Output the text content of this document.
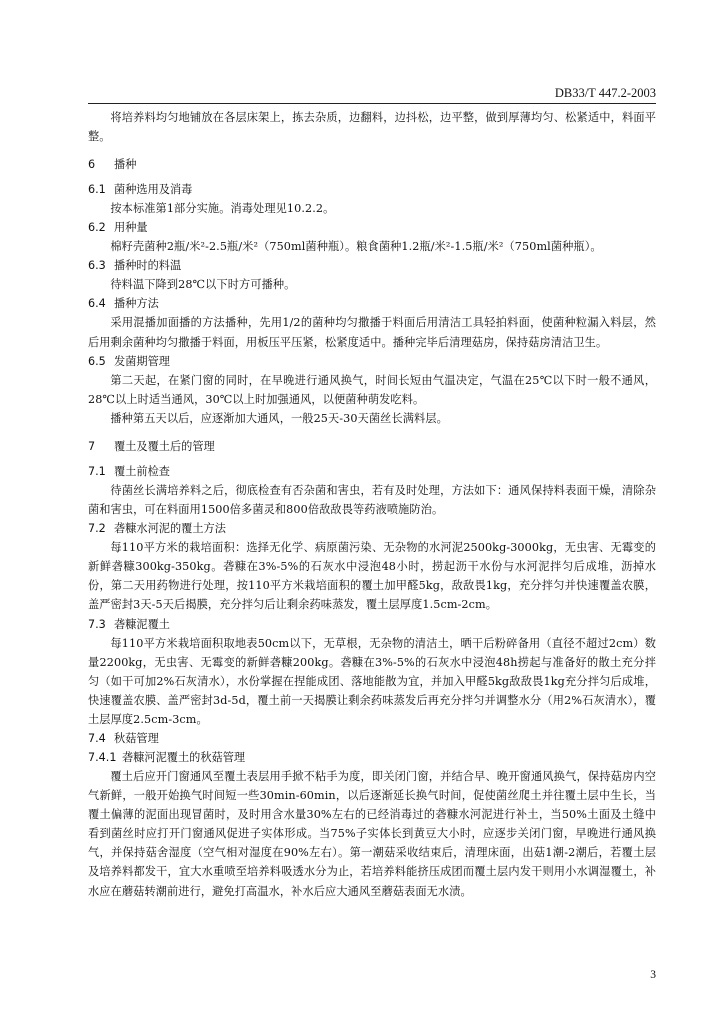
DB33/T 447.2-2003

将培养料均匀地铺放在各层床架上，拣去杂质，边翻料，边抖松，边平整，做到厚薄均匀、松紧适中，料面平整。

6 播种

6.1 菌种选用及消毒

按本标准第1部分实施。消毒处理见10.2.2。

6.2 用种量

棉籽壳菌种2瓶/米²-2.5瓶/米²（750ml菌种瓶）。粮食菌种1.2瓶/米²-1.5瓶/米²（750ml菌种瓶）。

6.3 播种时的料温

待料温下降到28℃以下时方可播种。

6.4 播种方法

采用混播加面播的方法播种，先用1/2的菌种均匀撒播于料面后用清洁工具轻拍料面，使菌种粒漏入料层，然后用剩余菌种均匀撒播于料面，用板压平压紧，松紧度适中。播种完毕后清理菇房，保持菇房清洁卫生。

6.5 发菌期管理

第二天起，在紧门窗的同时，在早晚进行通风换气，时间长短由气温决定，气温在25℃以下时一般不通风，28℃以上时适当通风，30℃以上时加强通风，以便菌种萌发吃料。

播种第五天以后，应逐渐加大通风，一般25天-30天菌丝长满料层。

7 覆土及覆土后的管理

7.1 覆土前检查

待菌丝长满培养料之后，彻底检查有否杂菌和害虫，若有及时处理，方法如下：通风保持料表面干燥，清除杂菌和害虫，可在料面用1500倍多菌灵和800倍敌敌畏等药液喷施防治。

7.2 砻糠水河泥的覆土方法

每110平方米的栽培面积：选择无化学、病原菌污染、无杂物的水河泥2500kg-3000kg，无虫害、无霉变的新鲜砻糠300kg-350kg。砻糠在3%-5%的石灰水中浸泡48小时，捞起沥干水份与水河泥拌匀后成堆，沥掉水份，第二天用药物进行处理，按110平方米栽培面积的覆土加甲醛5kg，敌敌畏1kg，充分拌匀并快速覆盖农膜，盖严密封3天-5天后揭膜，充分拌匀后让剩余药味蒸发，覆土层厚度1.5cm-2cm。

7.3 砻糠泥覆土

每110平方米栽培面积取地表50cm以下，无草根，无杂物的清洁土，晒干后粉碎备用（直径不超过2cm）数量2200kg，无虫害、无霉变的新鲜砻糠200kg。砻糠在3%-5%的石灰水中浸泡48h捞起与准备好的散土充分拌匀（如干可加2%石灰清水），水份掌握在捏能成团、落地能散为宜，并加入甲醛5kg敌敌畏1kg充分拌匀后成堆，快速覆盖农膜、盖严密封3d-5d，覆土前一天揭膜让剩余药味蒸发后再充分拌匀并调整水分（用2%石灰清水），覆土层厚度2.5cm-3cm。

7.4 秋菇管理

7.4.1 砻糠河泥覆土的秋菇管理

覆土后应开门窗通风至覆土表层用手掀不粘手为度，即关闭门窗，并结合早、晚开窗通风换气，保持菇房内空气新鲜，一般开始换气时间短一些30min-60min，以后逐渐延长换气时间，促使菌丝爬土并往覆土层中生长，当覆土偏薄的泥面出现冒菌时，及时用含水量30%左右的已经消毒过的砻糠水河泥进行补土，当50%土面及土缝中看到菌丝时应打开门窗通风促进子实体形成。当75%子实体长到黄豆大小时，应逐步关闭门窗，早晚进行通风换气，并保持菇舍湿度（空气相对湿度在90%左右）。第一潮菇采收结束后，清理床面，出菇1潮-2潮后，若覆土层及培养料都发干，宜大水重喷至培养料吸透水分为止，若培养料能挤压成团而覆土层内发干则用小水调湿覆土，补水应在蘑菇转潮前进行，避免打高温水，补水后应大通风至蘑菇表面无水渍。

3
